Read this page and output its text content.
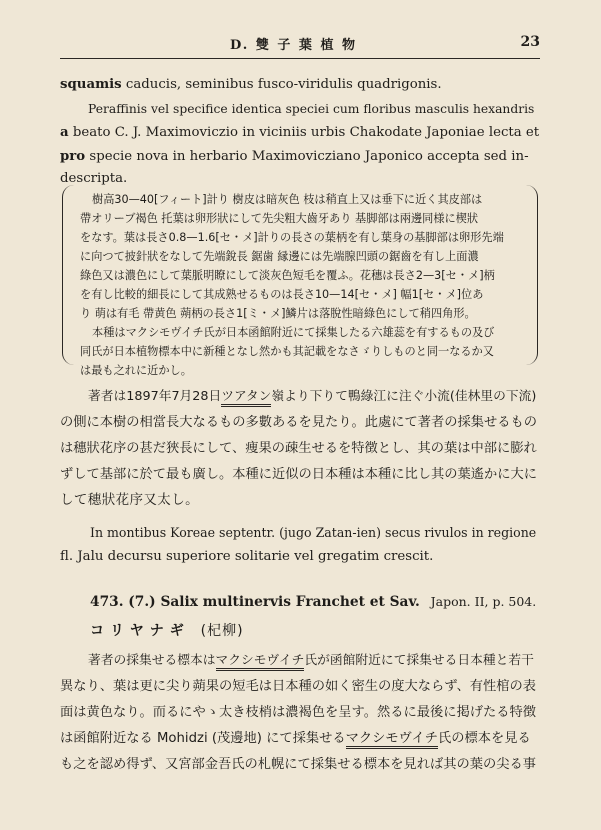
D. 雙 子 葉 植 物	23
squamis caducis, seminibus fusco-viridulis quadrigonis.
Peraffinis vel specifice identica speciei cum floribus masculis hexandris
a beato C. J. Maximoviczio in viciniis urbis Chakodate Japoniae lecta et
pro specie nova in herbario Maximoviczianο Japonico accepta sed in-
descripta.
樹高30—40[フィート]計り 樹皮は暗灰色 枝は稍直上又は垂下に近く其皮部は
帶オリーブ褐色 托葉は卵形狀にして先尖粗大齒牙あり 基脚部は兩邊同様に楔狀
をなす。葉は長さ0.8—1.6[セ・メ]計りの長さの葉柄を有し葉身の基脚部は卵形先端
に向つて披針狀をなして先端銳長 鋸歯 縁邊には先端腺凹頭の鋸齒を有し上面濃
綠色又は濃色にして葉脈明瞭にして淡灰色短毛を覆ふ。花穗は長さ2—3[セ・メ]柄
を有し比較的細長にして其成熟せるものは長さ10—14[セ・メ] 幅1[セ・メ]位あ
り 萌は有毛 帶黄色 蒴柄の長さ1[ミ・メ]鱗片は落脫性暗綠色にして稍四角形。
本種はマクシモヴイチ氏が日本函館附近にて採集したる六雄蕊を有するもの及び
同氏が日本植物標本中に新種となし然かも其記載をなさゞりしものと同一なるか又
は最も之れに近かし。
著者は1897年7月28日ツアタン嶺より下りて鴨綠江に注ぐ小流(佳林里の下流)
の側に本樹の相當長大なるもの多數あるを見たり。此處にて著者の採集せるもの
は穗狀花序の甚だ狹長にして、痩果の疎生せるを特徴とし、其の葉は中部に膨れ
ずして基部に於て最も廣し。本種に近似の日本種は本種に比し其の葉遙かに大に
して穗狀花序又太し。
In montibus Koreae septentr. (jugo Zatan-ien) secus rivulos in regione
fl. Jalu decursu superiore solitarie vel gregatim crescit.
473. (7.) Salix multinervis Franchet et Sav. Japon. II, p. 504.
コリヤナギ (杞柳)
著者の採集せる標本はマクシモヴイチ氏が函館附近にて採集せる日本種と若干
異なり、葉は更に尖り蒴果の短毛は日本種の如く密生の度大ならず、有性棺の表
面は黄色なり。而るにやゝ太き枝梢は濃褐色を呈す。然るに最後に掲げたる特徴
は函館附近なる Mohidzi (茂邊地) にて採集せるマクシモヴイチ氏の標本を見る
も之を認め得ず、又宮部金吾氏の札幌にて採集せる標本を見れば其の葉の尖る事
